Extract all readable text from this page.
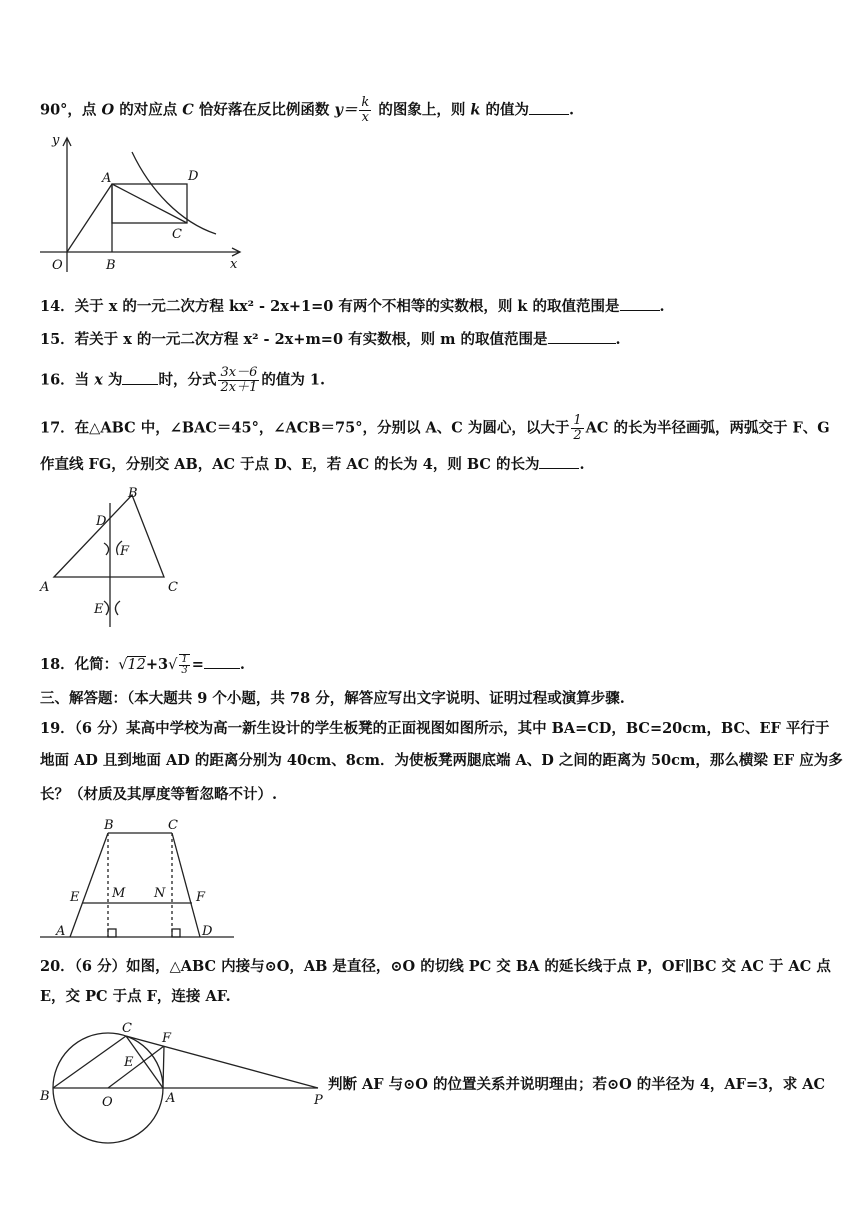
90°，点 O 的对应点 C 恰好落在反比例函数 $y= \frac{k}{x}$ 的图象上，则 k 的值为	.
y
x
O
A
B
C
D
14．关于 x 的一元二次方程 kx² - 2x+1=0 有两个不相等的实数根，则 k 的取值范围是	.
15．若关于 x 的一元二次方程 x² - 2x+m=0 有实数根，则 m 的取值范围是	.
16．当 x 为 时，分式 $\frac{3x-6}{2x+1}$ 的值为 1.
17．在△ABC 中，∠BAC＝45°，∠ACB＝75°，分别以 A、C 为圆心，以大于 $\frac{1}{2}$ AC 的长为半径画弧，两弧交于 F、G
作直线 FG，分别交 AB，AC 于点 D、E，若 AC 的长为 4，则 BC 的长为	.
A
B
C
D
E
F
18．化简：$√12+3√ \frac{1}{3}$ = .
三、解答题：（本大题共 9 个小题，共 78 分，解答应写出文字说明、证明过程或演算步骤.
19．（6 分）某高中学校为高一新生设计的学生板凳的正面视图如图所示，其中 BA=CD，BC=20cm，BC、EF 平行于
地面 AD 且到地面 AD 的距离分别为 40cm、8cm．为使板凳两腿底端 A、D 之间的距离为 50cm，那么横梁 EF 应为多
长？（材质及其厚度等暂忽略不计）.
B	C
A	D
E	F
M N
20．（6 分）如图，△ABC 内接与⊙O，AB 是直径，⊙O 的切线 PC 交 BA 的延长线于点 P，OF∥BC 交 AC 于 AC 点
E，交 PC 于点 F，连接 AF.
B	O	A
C
E
F
P
判断 AF 与⊙O 的位置关系并说明理由；若⊙O 的半径为 4，AF=3，求 AC
